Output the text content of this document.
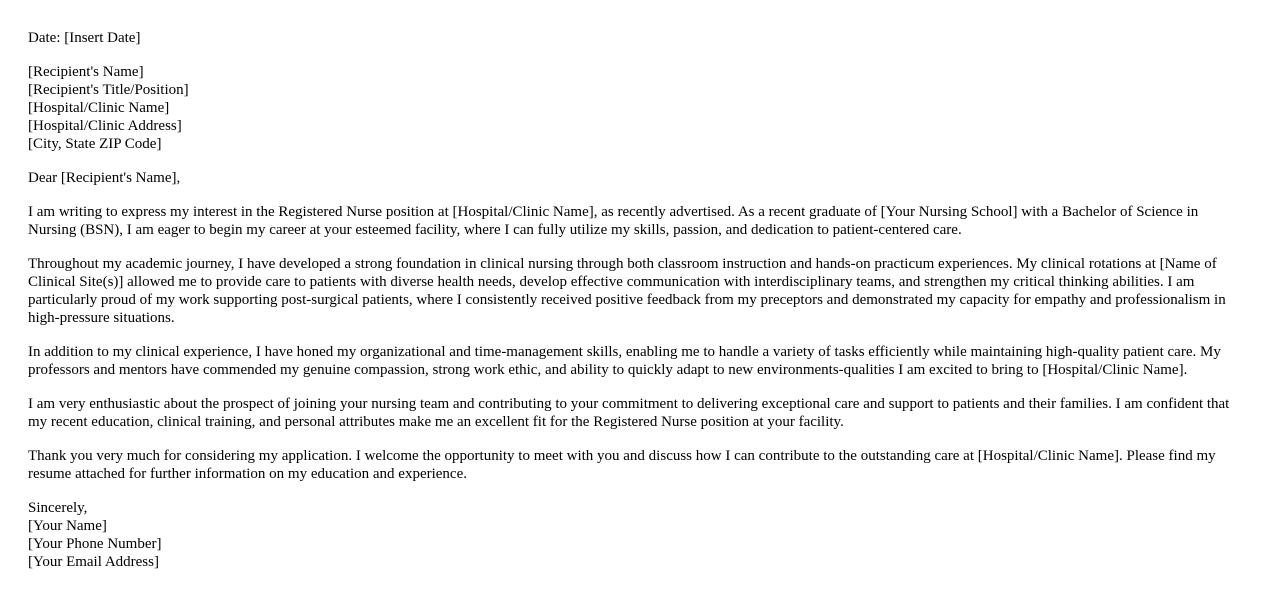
Date: [Insert Date]
[Recipient's Name]
[Recipient's Title/Position]
[Hospital/Clinic Name]
[Hospital/Clinic Address]
[City, State ZIP Code]
Dear [Recipient's Name],

I am writing to express my interest in the Registered Nurse position at [Hospital/Clinic Name], as recently advertised. As a recent graduate of [Your Nursing School] with a Bachelor of Science in Nursing (BSN), I am eager to begin my career at your esteemed facility, where I can fully utilize my skills, passion, and dedication to patient-centered care.

Throughout my academic journey, I have developed a strong foundation in clinical nursing through both classroom instruction and hands-on practicum experiences. My clinical rotations at [Name of Clinical Site(s)] allowed me to provide care to patients with diverse health needs, develop effective communication with interdisciplinary teams, and strengthen my critical thinking abilities. I am particularly proud of my work supporting post-surgical patients, where I consistently received positive feedback from my preceptors and demonstrated my capacity for empathy and professionalism in high-pressure situations.

In addition to my clinical experience, I have honed my organizational and time-management skills, enabling me to handle a variety of tasks efficiently while maintaining high-quality patient care. My professors and mentors have commended my genuine compassion, strong work ethic, and ability to quickly adapt to new environments-qualities I am excited to bring to [Hospital/Clinic Name].

I am very enthusiastic about the prospect of joining your nursing team and contributing to your commitment to delivering exceptional care and support to patients and their families. I am confident that my recent education, clinical training, and personal attributes make me an excellent fit for the Registered Nurse position at your facility.

Thank you very much for considering my application. I welcome the opportunity to meet with you and discuss how I can contribute to the outstanding care at [Hospital/Clinic Name]. Please find my resume attached for further information on my education and experience.

Sincerely,
[Your Name]
[Your Phone Number]
[Your Email Address]
